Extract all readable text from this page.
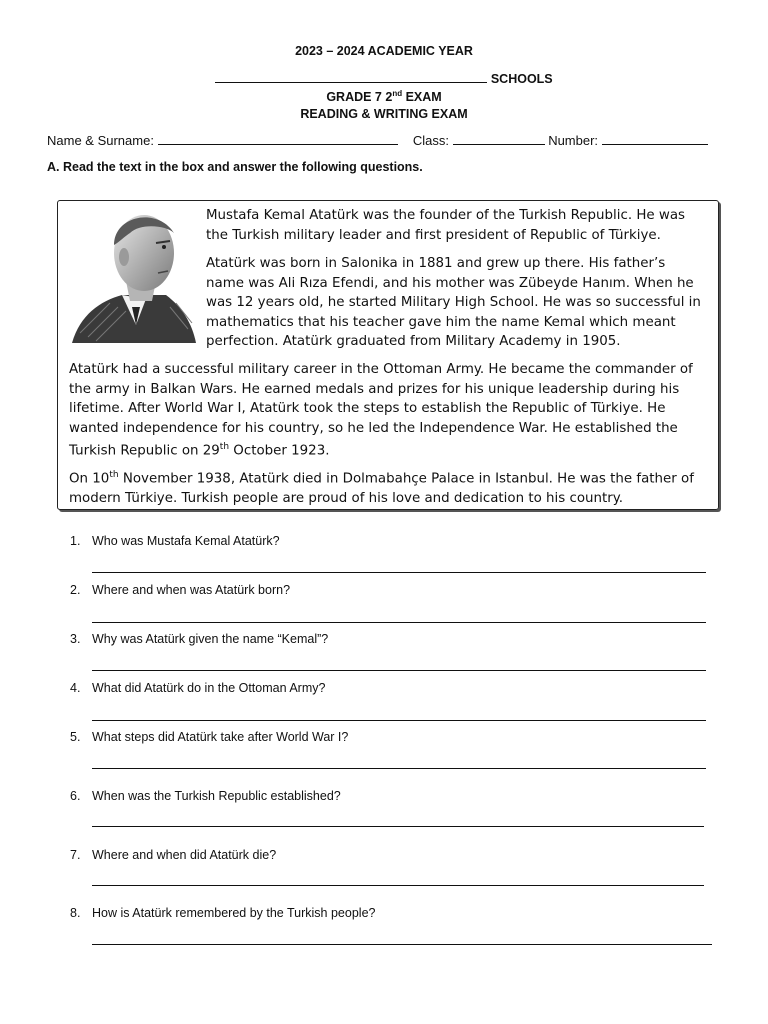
2023 – 2024 ACADEMIC YEAR
SCHOOLS
GRADE 7 2nd EXAM
READING & WRITING EXAM
Name & Surname:	Class:	Number:
A. Read the text in the box and answer the following questions.
Mustafa Kemal Atatürk was the founder of the Turkish Republic. He was the Turkish military leader and first president of Republic of Türkiye.
Atatürk was born in Salonika in 1881 and grew up there. His father’s name was Ali Rıza Efendi, and his mother was Zübeyde Hanım. When he was 12 years old, he started Military High School. He was so successful in mathematics that his teacher gave him the name Kemal which meant perfection. Atatürk graduated from Military Academy in 1905.
Atatürk had a successful military career in the Ottoman Army. He became the commander of the army in Balkan Wars. He earned medals and prizes for his unique leadership during his lifetime. After World War I, Atatürk took the steps to establish the Republic of Türkiye. He wanted independence for his country, so he led the Independence War. He established the Turkish Republic on 29th October 1923.
On 10th November 1938, Atatürk died in Dolmabahçe Palace in Istanbul. He was the father of modern Türkiye. Turkish people are proud of his love and dedication to his country.
1. Who was Mustafa Kemal Atatürk?
2. Where and when was Atatürk born?
3. Why was Atatürk given the name “Kemal”?
4. What did Atatürk do in the Ottoman Army?
5. What steps did Atatürk take after World War I?
6. When was the Turkish Republic established?
7. Where and when did Atatürk die?
8. How is Atatürk remembered by the Turkish people?
